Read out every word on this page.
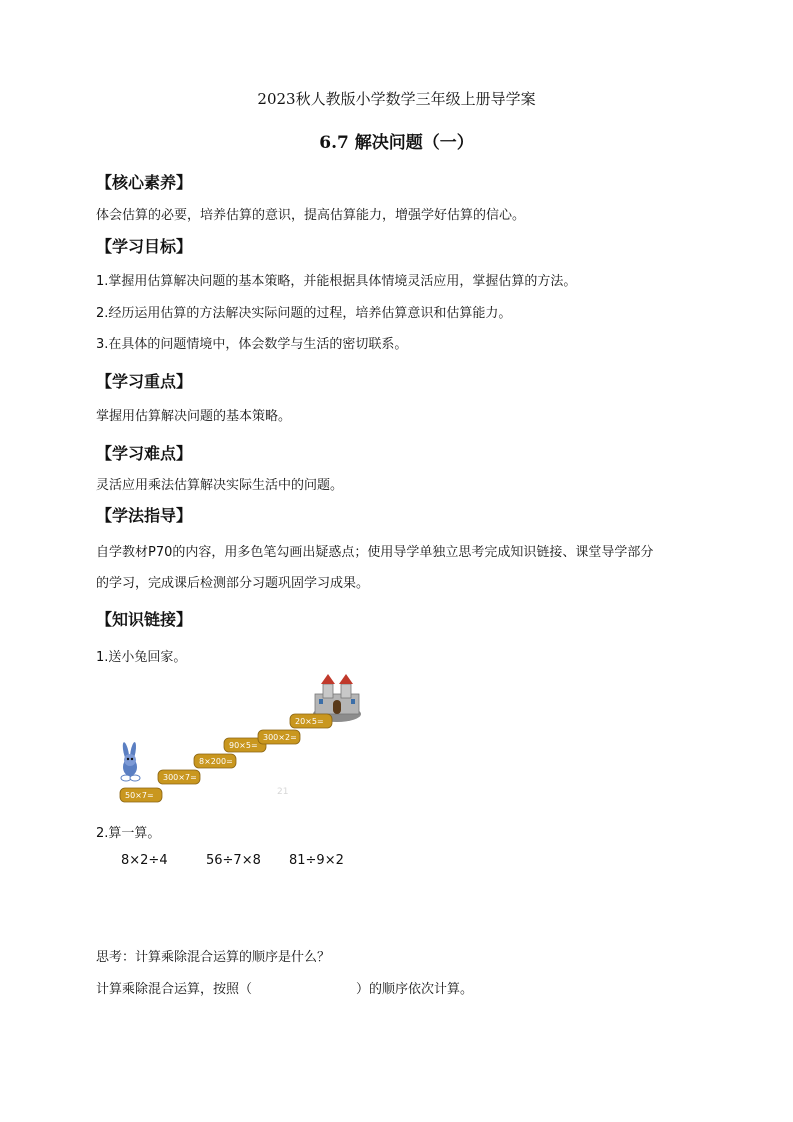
2023秋人教版小学数学三年级上册导学案
6.7 解决问题（一）
【核心素养】
体会估算的必要，培养估算的意识，提高估算能力，增强学好估算的信心。
【学习目标】
1.掌握用估算解决问题的基本策略，并能根据具体情境灵活应用，掌握估算的方法。
2.经历运用估算的方法解决实际问题的过程，培养估算意识和估算能力。
3.在具体的问题情境中，体会数学与生活的密切联系。
【学习重点】
掌握用估算解决问题的基本策略。
【学习难点】
灵活应用乘法估算解决实际生活中的问题。
【学法指导】
自学教材P70的内容，用多色笔勾画出疑惑点；使用导学单独立思考完成知识链接、课堂导学部分
的学习，完成课后检测部分习题巩固学习成果。
【知识链接】
1.送小兔回家。
50×7=
300×7=
8×200=
90×5=
300×2=
20×5=
21
2.算一算。
8×2÷4	56÷7×8 81÷9×2
思考：计算乘除混合运算的顺序是什么？
计算乘除混合运算，按照（	）的顺序依次计算。
